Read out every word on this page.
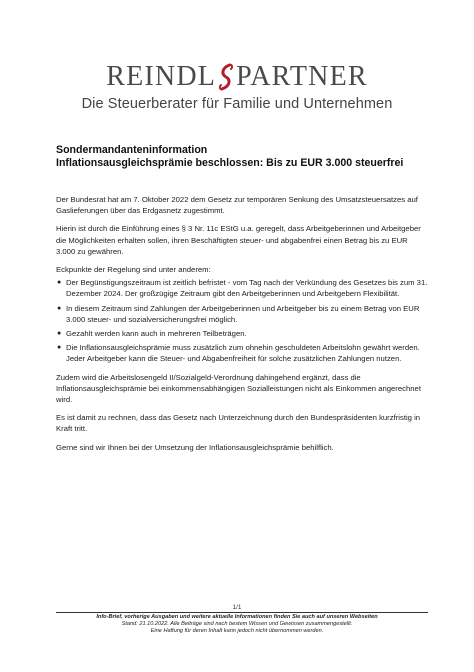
REINDL PARTNER
Die Steuerberater für Familie und Unternehmen
Sondermandanteninformation
Inflationsausgleichsprämie beschlossen: Bis zu EUR 3.000 steuerfrei

Der Bundesrat hat am 7. Oktober 2022 dem Gesetz zur temporären Senkung des Umsatzsteuersatzes auf Gaslieferungen über das Erdgasnetz zugestimmt.

Hierin ist durch die Einführung eines § 3 Nr. 11c EStG u.a. geregelt, dass Arbeitgeberinnen und Arbeitgeber die Möglichkeiten erhalten sollen, ihren Beschäftigten steuer- und abgabenfrei einen Betrag bis zu EUR 3.000 zu gewähren.

Eckpunkte der Regelung sind unter anderem:

● Der Begünstigungszeitraum ist zeitlich befristet - vom Tag nach der Verkündung des Gesetzes bis zum 31. Dezember 2024. Der großzügige Zeitraum gibt den Arbeitgeberinnen und Arbeitgebern Flexibilität.
● In diesem Zeitraum sind Zahlungen der Arbeitgeberinnen und Arbeitgeber bis zu einem Betrag von EUR 3.000 steuer- und sozialversicherungsfrei möglich.
● Gezahlt werden kann auch in mehreren Teilbeträgen.
● Die Inflationsausgleichsprämie muss zusätzlich zum ohnehin geschuldeten Arbeitslohn gewährt werden. Jeder Arbeitgeber kann die Steuer- und Abgabenfreiheit für solche zusätzlichen Zahlungen nutzen.

Zudem wird die Arbeitslosengeld II/Sozialgeld-Verordnung dahingehend ergänzt, dass die Inflationsausgleichsprämie bei einkommensabhängigen Sozialleistungen nicht als Einkommen angerechnet wird.

Es ist damit zu rechnen, dass das Gesetz nach Unterzeichnung durch den Bundespräsidenten kurzfristig in Kraft tritt.

Gerne sind wir Ihnen bei der Umsetzung der Inflationsausgleichsprämie behilflich.

1/1
Info-Brief, vorherige Ausgaben und weitere aktuelle Informationen finden Sie auch auf unseren Webseiten
Stand: 21.10.2022. Alle Beiträge sind nach bestem Wissen und Gewissen zusammengestellt.
Eine Haftung für deren Inhalt kann jedoch nicht übernommen werden.
